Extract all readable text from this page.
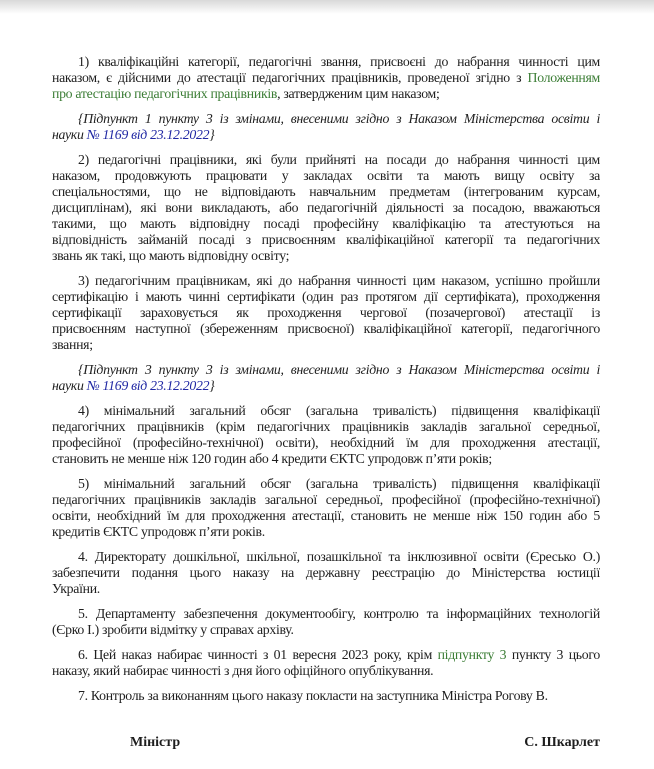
1) кваліфікаційні категорії, педагогічні звання, присвоєні до набрання чинності цим
наказом, є дійсними до атестації педагогічних працівників, проведеної згідно з Положенням
про атестацію педагогічних працівників, затвердженим цим наказом;
{Підпункт 1 пункту 3 із змінами, внесеними згідно з Наказом Міністерства освіти і
науки № 1169 від 23.12.2022}
2) педагогічні працівники, які були прийняті на посади до набрання чинності цим
наказом, продовжують працювати у закладах освіти та мають вищу освіту за
спеціальностями, що не відповідають навчальним предметам (інтегрованим курсам,
дисциплінам), які вони викладають, або педагогічній діяльності за посадою, вважаються
такими, що мають відповідну посаді професійну кваліфікацію та атестуються на
відповідність займаній посаді з присвоєнням кваліфікаційної категорії та педагогічних
звань як такі, що мають відповідну освіту;
3) педагогічним працівникам, які до набрання чинності цим наказом, успішно пройшли
сертифікацію і мають чинні сертифікати (один раз протягом дії сертифіката), проходження
сертифікації зараховується як проходження чергової (позачергової) атестації із
присвоєнням наступної (збереженням присвоєної) кваліфікаційної категорії, педагогічного
звання;
{Підпункт 3 пункту 3 із змінами, внесеними згідно з Наказом Міністерства освіти і
науки № 1169 від 23.12.2022}
4) мінімальний загальний обсяг (загальна тривалість) підвищення кваліфікації
педагогічних працівників (крім педагогічних працівників закладів загальної середньої,
професійної (професійно-технічної) освіти), необхідний їм для проходження атестації,
становить не менше ніж 120 годин або 4 кредити ЄКТС упродовж п’яти років;
5) мінімальний загальний обсяг (загальна тривалість) підвищення кваліфікації
педагогічних працівників закладів загальної середньої, професійної (професійно-технічної)
освіти, необхідний їм для проходження атестації, становить не менше ніж 150 годин або 5
кредитів ЄКТС упродовж п’яти років.
4. Директорату дошкільної, шкільної, позашкільної та інклюзивної освіти (Єресько О.)
забезпечити подання цього наказу на державну реєстрацію до Міністерства юстиції
України.
5. Департаменту забезпечення документообігу, контролю та інформаційних технологій
(Єрко І.) зробити відмітку у справах архіву.
6. Цей наказ набирає чинності з 01 вересня 2023 року, крім підпункту 3 пункту 3 цього
наказу, який набирає чинності з дня його офіційного опублікування.
7. Контроль за виконанням цього наказу покласти на заступника Міністра Рогову В.
Міністр	С. Шкарлет
